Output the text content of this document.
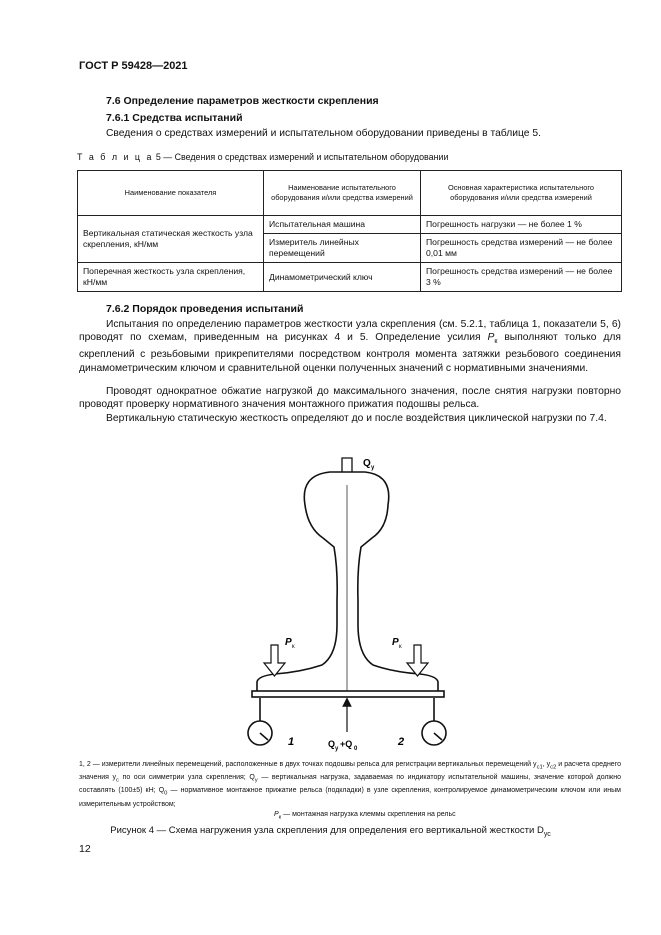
ГОСТ Р 59428—2021
7.6 Определение параметров жесткости скрепления
7.6.1 Средства испытаний
Сведения о средствах измерений и испытательном оборудовании приведены в таблице 5.
Т а б л и ц а 5 — Сведения о средствах измерений и испытательном оборудовании
Наименование показателя	Наименование испытательного оборудования и/или средства измерений	Основная характеристика испытательного оборудования и/или средства измерений
Вертикальная статическая жесткость узла скрепления, кН/мм	Испытательная машина	Погрешность нагрузки — не более 1 %
	Измеритель линейных перемещений	Погрешность средства измерений — не более 0,01 мм
Поперечная жесткость узла скрепления, кН/мм	Динамометрический ключ	Погрешность средства измерений — не более 3 %
7.6.2 Порядок проведения испытаний
Испытания по определению параметров жесткости узла скрепления (см. 5.2.1, таблица 1, показатели 5, 6) проводят по схемам, приведенным на рисунках 4 и 5. Определение усилия $P_к$ выполняют только для скреплений с резьбовыми прикрепителями посредством контроля момента затяжки резьбового соединения динамометрическим ключом и сравнительной оценки полученных значений с нормативными значениями.
Проводят однократное обжатие нагрузкой до максимального значения, после снятия нагрузки повторно проводят проверку нормативного значения монтажного прижатия подошвы рельса.
Вертикальную статическую жесткость определяют до и после воздействия циклической нагрузки по 7.4.
Q у
P к	P к
Q у +Q 0
1	2
1, 2 — измерители линейных перемещений, расположенные в двух точках подошвы рельса для регистрации вертикальных перемещений $y_{c1}$, $y_{c2}$ и расчета среднего значения $y_c$ по оси симметрии узла скрепления; $Q_y$ — вертикальная нагрузка, задаваемая по индикатору испытательной машины, значение которой должно составлять (100±5) кН; $Q_0$ — нормативное монтажное прижатие рельса (подкладки) в узле скрепления, контролируемое динамометрическим ключом или иным измерительным устройством;
$P_к$ — монтажная нагрузка клеммы скрепления на рельс
Рисунок 4 — Схема нагружения узла скрепления для определения его вертикальной жесткости $D_{ус}$
12
